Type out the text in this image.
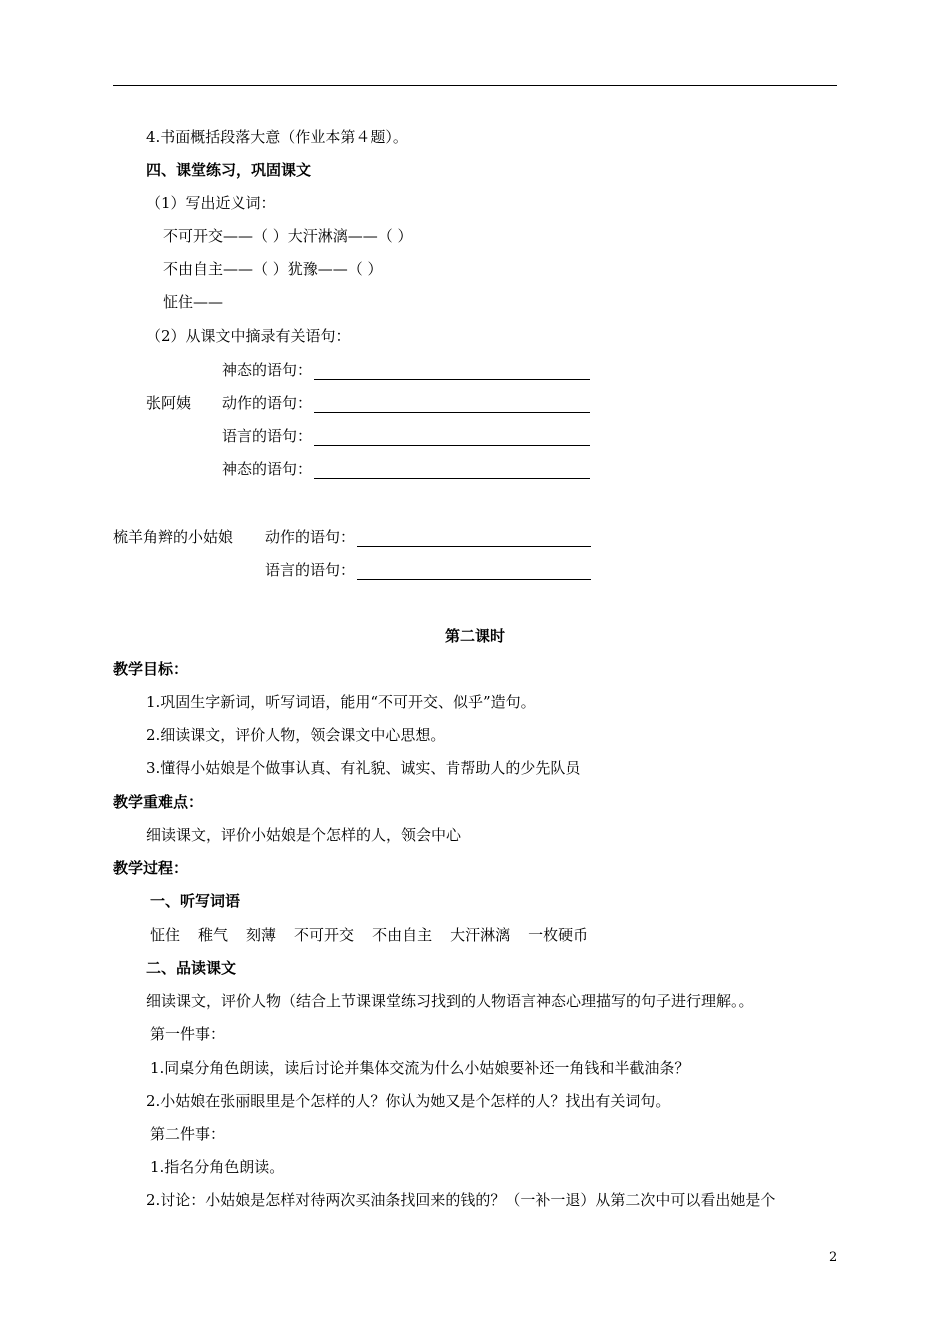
4.书面概括段落大意（作业本第４题）。
四、课堂练习，巩固课文
（1）写出近义词：
不可开交——（ ）大汗淋漓——（ ）
不由自主——（ ）犹豫——（ ）
怔住——
（2）从课文中摘录有关语句：
神态的语句：
张阿姨 动作的语句：
语言的语句：
神态的语句：
梳羊角辫的小姑娘 动作的语句：
语言的语句：
第二课时
教学目标：
1.巩固生字新词，听写词语，能用“不可开交、似乎”造句。
2.细读课文，评价人物，领会课文中心思想。
3.懂得小姑娘是个做事认真、有礼貌、诚实、肯帮助人的少先队员
教学重难点：
细读课文，评价小姑娘是个怎样的人，领会中心
教学过程：
一、听写词语
怔住 稚气 刻薄 不可开交 不由自主 大汗淋漓 一枚硬币
二、品读课文
细读课文，评价人物（结合上节课课堂练习找到的人物语言神态心理描写的句子进行理解。。
第一件事：
1.同桌分角色朗读，读后讨论并集体交流为什么小姑娘要补还一角钱和半截油条？
2.小姑娘在张丽眼里是个怎样的人？你认为她又是个怎样的人？找出有关词句。
第二件事：
1.指名分角色朗读。
2.讨论：小姑娘是怎样对待两次买油条找回来的钱的？（一补一退）从第二次中可以看出她是个
2
